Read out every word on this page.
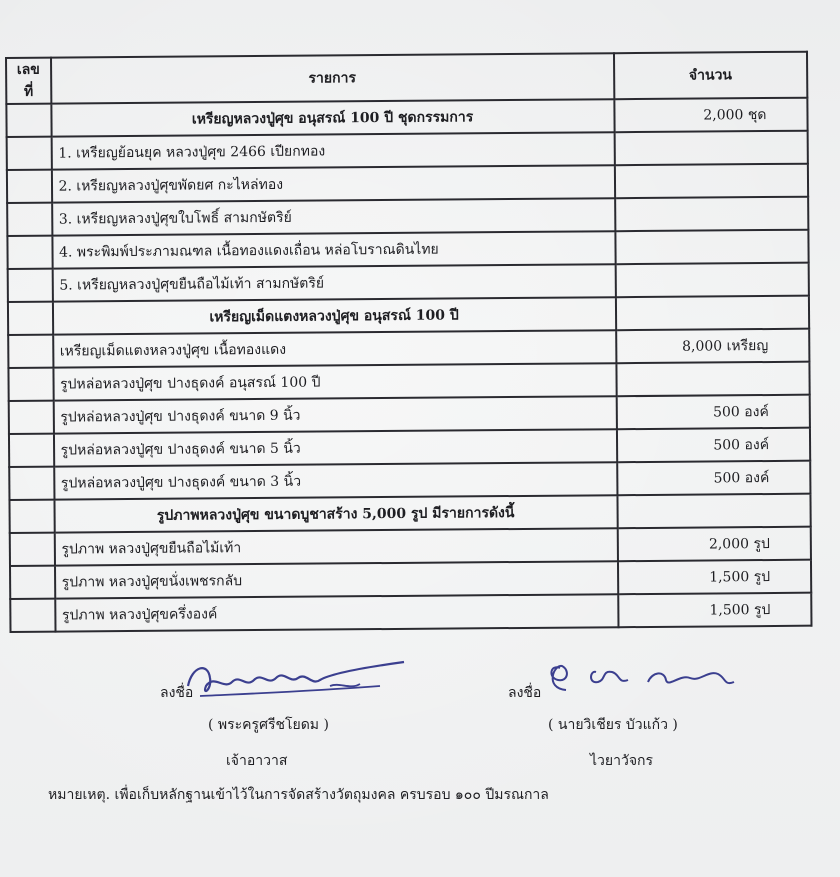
เลขที่	รายการ	จำนวน
	เหรียญหลวงปู่ศุข อนุสรณ์ 100 ปี ชุดกรรมการ	2,000 ชุด
	1. เหรียญย้อนยุค หลวงปู่ศุข 2466 เปียกทอง	
	2. เหรียญหลวงปู่ศุขพัดยศ กะไหล่ทอง	
	3. เหรียญหลวงปู่ศุขใบโพธิ์ สามกษัตริย์	
	4. พระพิมพ์ประภามณฑล เนื้อทองแดงเถื่อน หล่อโบราณดินไทย	
	5. เหรียญหลวงปู่ศุขยืนถือไม้เท้า สามกษัตริย์	
	เหรียญเม็ดแตงหลวงปู่ศุข อนุสรณ์ 100 ปี	
	เหรียญเม็ดแตงหลวงปู่ศุข เนื้อทองแดง	8,000 เหรียญ
	รูปหล่อหลวงปู่ศุข ปางธุดงค์ อนุสรณ์ 100 ปี	
	รูปหล่อหลวงปู่ศุข ปางธุดงค์ ขนาด 9 นิ้ว	500 องค์
	รูปหล่อหลวงปู่ศุข ปางธุดงค์ ขนาด 5 นิ้ว	500 องค์
	รูปหล่อหลวงปู่ศุข ปางธุดงค์ ขนาด 3 นิ้ว	500 องค์
	รูปภาพหลวงปู่ศุข ขนาดบูชาสร้าง 5,000 รูป มีรายการดังนี้	
	รูปภาพ หลวงปู่ศุขยืนถือไม้เท้า	2,000 รูป
	รูปภาพ หลวงปู่ศุขนั่งเพชรกลับ	1,500 รูป
	รูปภาพ หลวงปู่ศุขครึ่งองค์	1,500 รูป
ลงชื่อ
( พระครูศรีชโยดม )
เจ้าอาวาส
ลงชื่อ
( นายวิเชียร บัวแก้ว )
ไวยาวัจกร
หมายเหตุ. เพื่อเก็บหลักฐานเข้าไว้ในการจัดสร้างวัตถุมงคล ครบรอบ ๑๐๐ ปีมรณกาล
